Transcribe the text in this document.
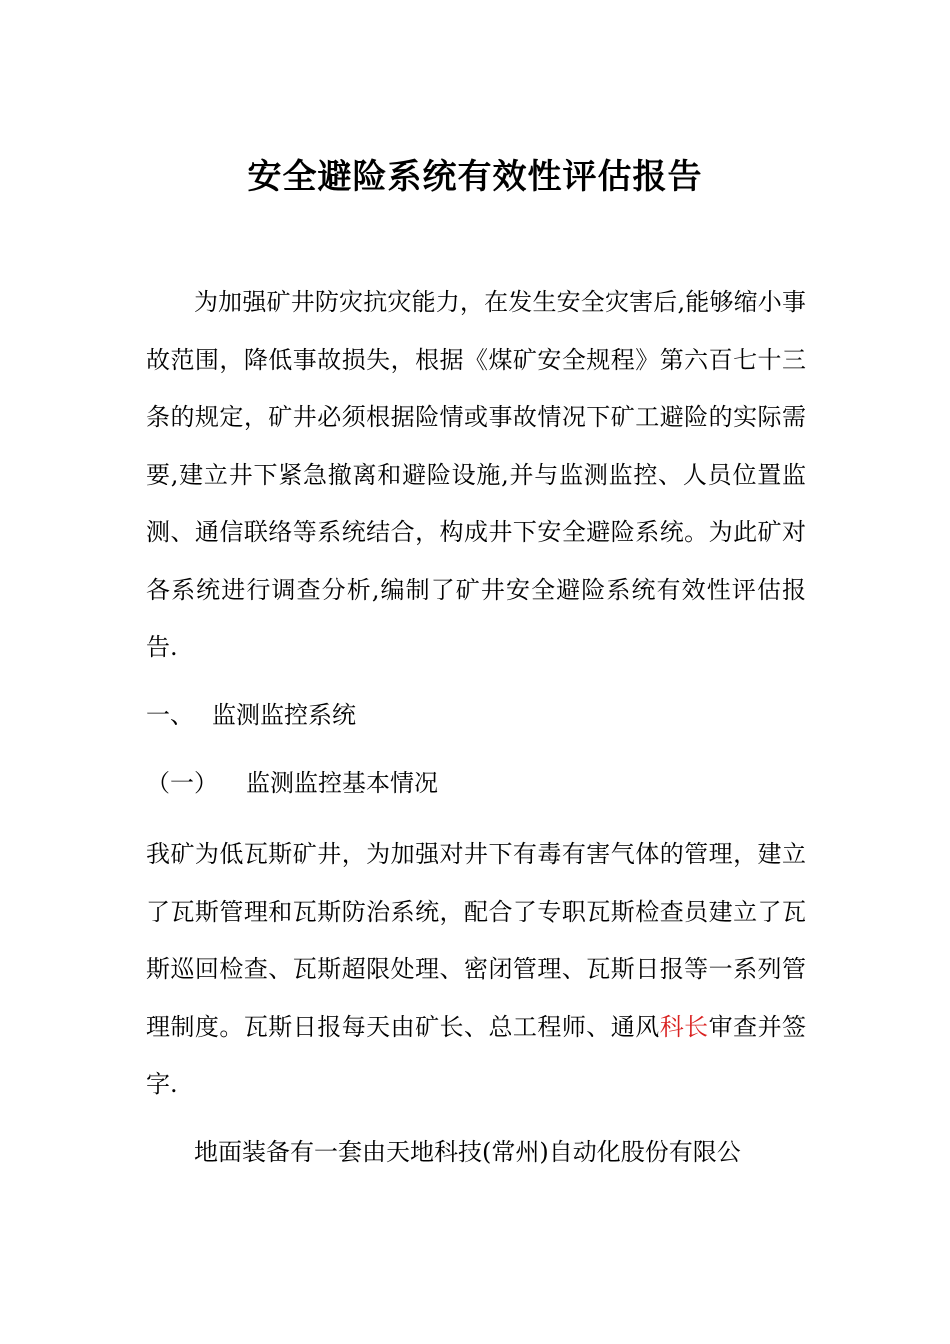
安全避险系统有效性评估报告
为加强矿井防灾抗灾能力，在发生安全灾害后,能够缩小事故范围，降低事故损失，根据《煤矿安全规程》第六百七十三条的规定，矿井必须根据险情或事故情况下矿工避险的实际需要,建立井下紧急撤离和避险设施,并与监测监控、人员位置监测、通信联络等系统结合，构成井下安全避险系统。为此矿对各系统进行调查分析,编制了矿井安全避险系统有效性评估报告.
一、 监测监控系统
（一） 监测监控基本情况
我矿为低瓦斯矿井，为加强对井下有毒有害气体的管理，建立了瓦斯管理和瓦斯防治系统，配合了专职瓦斯检查员建立了瓦斯巡回检查、瓦斯超限处理、密闭管理、瓦斯日报等一系列管理制度。瓦斯日报每天由矿长、总工程师、通风科长审查并签字.
地面装备有一套由天地科技(常州)自动化股份有限公
